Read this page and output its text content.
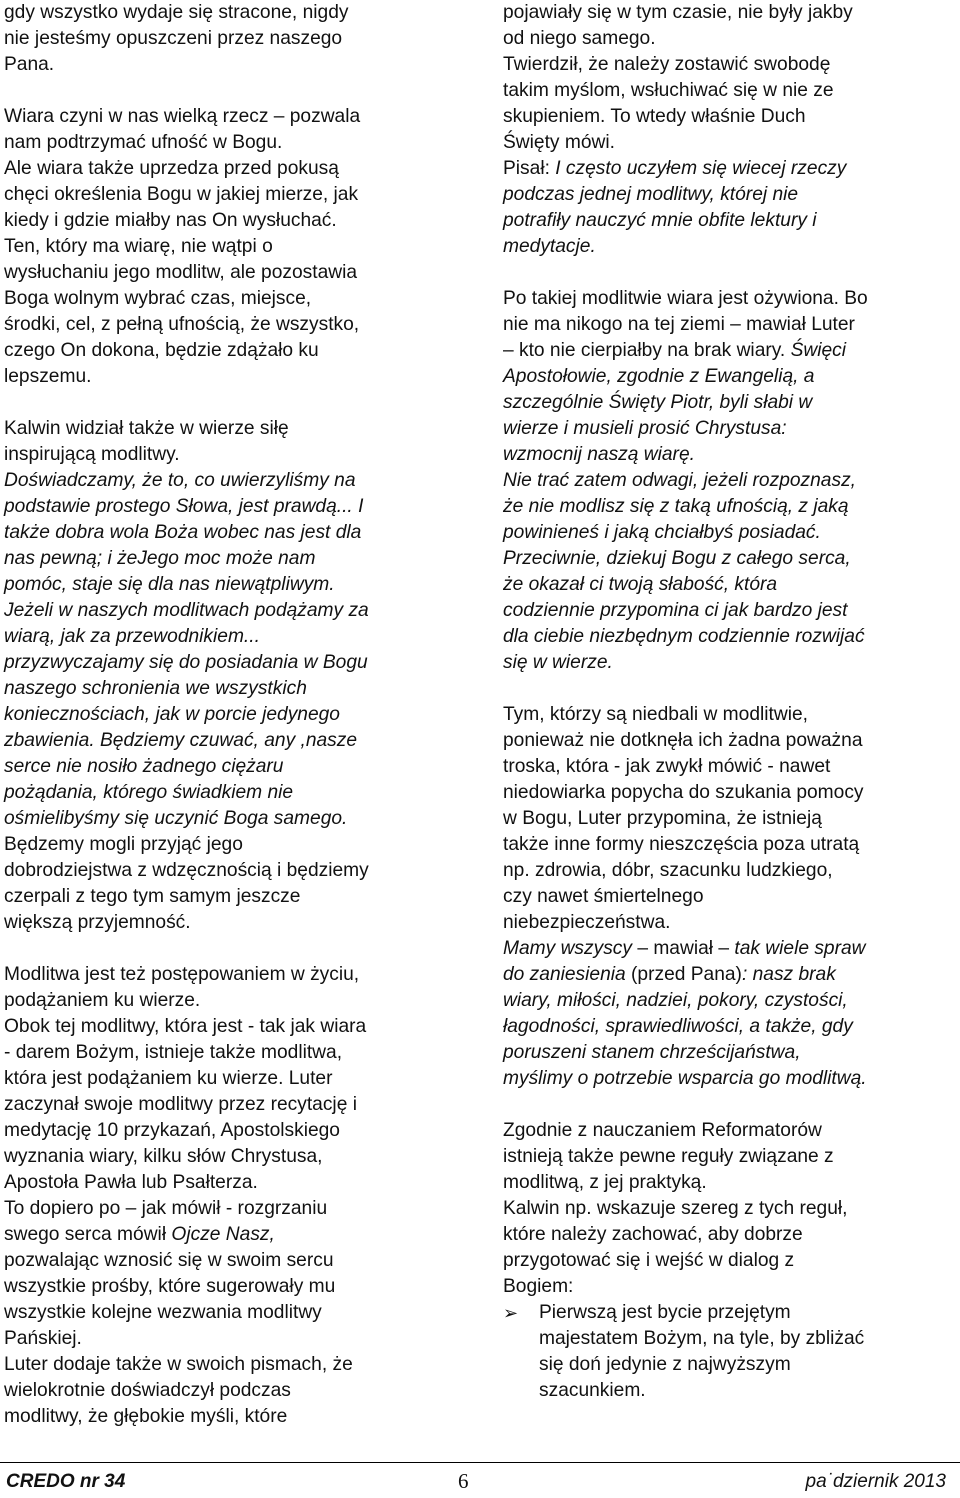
gdy wszystko wydaje się stracone, nigdy
nie jesteśmy opuszczeni przez naszego
Pana.
Wiara czyni w nas wielką rzecz – pozwala
nam podtrzymać ufność w Bogu.
Ale wiara także uprzedza przed pokusą
chęci określenia Bogu w jakiej mierze, jak
kiedy i gdzie miałby nas On wysłuchać.
Ten, który ma wiarę, nie wątpi o
wysłuchaniu jego modlitw, ale pozostawia
Boga wolnym wybrać czas, miejsce,
środki, cel, z pełną ufnością, że wszystko,
czego On dokona, będzie zdążało ku
lepszemu.
Kalwin widział także w wierze siłę
inspirującą modlitwy.
Doświadczamy, że to, co uwierzyliśmy na
podstawie prostego Słowa, jest prawdą... I
także dobra wola Boża wobec nas jest dla
nas pewną; i żeJego moc może nam
pomóc, staje się dla nas niewątpliwym.
Jeżeli w naszych modlitwach podążamy za
wiarą, jak za przewodnikiem...
przyzwyczajamy się do posiadania w Bogu
naszego schronienia we wszystkich
koniecznościach, jak w porcie jedynego
zbawienia. Będziemy czuwać, any ,nasze
serce nie nosiło żadnego ciężaru
pożądania, którego świadkiem nie
ośmielibyśmy się uczynić Boga samego.
Będzemy mogli przyjąć jego
dobrodziejstwa z wdzęcznością i będziemy
czerpali z tego tym samym jeszcze
większą przyjemność.
Modlitwa jest też postępowaniem w życiu,
podążaniem ku wierze.
Obok tej modlitwy, która jest - tak jak wiara
- darem Bożym, istnieje także modlitwa,
która jest podążaniem ku wierze. Luter
zaczynał swoje modlitwy przez recytację i
medytację 10 przykazań, Apostolskiego
wyznania wiary, kilku słów Chrystusa,
Apostoła Pawła lub Psałterza.
To dopiero po – jak mówił - rozgrzaniu
swego serca mówił Ojcze Nasz,
pozwalając wznosić się w swoim sercu
wszystkie prośby, które sugerowały mu
wszystkie kolejne wezwania modlitwy
Pańskiej.
Luter dodaje także w swoich pismach, że
wielokrotnie doświadczył podczas
modlitwy, że głębokie myśli, które
pojawiały się w tym czasie, nie były jakby
od niego samego.
Twierdził, że należy zostawić swobodę
takim myślom, wsłuchiwać się w nie ze
skupieniem. To wtedy właśnie Duch
Święty mówi.
Pisał: I często uczyłem się wiecej rzeczy
podczas jednej modlitwy, której nie
potrafiły nauczyć mnie obfite lektury i
medytacje.
Po takiej modlitwie wiara jest ożywiona. Bo
nie ma nikogo na tej ziemi – mawiał Luter
– kto nie cierpiałby na brak wiary. Święci
Apostołowie, zgodnie z Ewangelią, a
szczególnie Święty Piotr, byli słabi w
wierze i musieli prosić Chrystusa:
wzmocnij naszą wiarę.
Nie trać zatem odwagi, jeżeli rozpoznasz,
że nie modlisz się z taką ufnością, z jaką
powinieneś i jaką chciałbyś posiadać.
Przeciwnie, dziekuj Bogu z całego serca,
że okazał ci twoją słabość, która
codziennie przypomina ci jak bardzo jest
dla ciebie niezbędnym codziennie rozwijać
się w wierze.
Tym, którzy są niedbali w modlitwie,
ponieważ nie dotknęła ich żadna poważna
troska, która - jak zwykł mówić - nawet
niedowiarka popycha do szukania pomocy
w Bogu, Luter przypomina, że istnieją
także inne formy nieszczęścia poza utratą
np. zdrowia, dóbr, szacunku ludzkiego,
czy nawet śmiertelnego
niebezpieczeństwa.
Mamy wszyscy – mawiał – tak wiele spraw
do zaniesienia (przed Pana): nasz brak
wiary, miłości, nadziei, pokory, czystości,
łagodności, sprawiedliwości, a także, gdy
poruszeni stanem chrześcijaństwa,
myślimy o potrzebie wsparcia go modlitwą.
Zgodnie z nauczaniem Reformatorów
istnieją także pewne reguły związane z
modlitwą, z jej praktyką.
Kalwin np. wskazuje szereg z tych reguł,
które należy zachować, aby dobrze
przygotować się i wejść w dialog z
Bogiem:
➢	Pierwszą jest bycie przejętym
majestatem Bożym, na tyle, by zbliżać
się doń jedynie z najwyższym
szacunkiem.
CREDO nr 34	6	pa˙dziernik 2013
